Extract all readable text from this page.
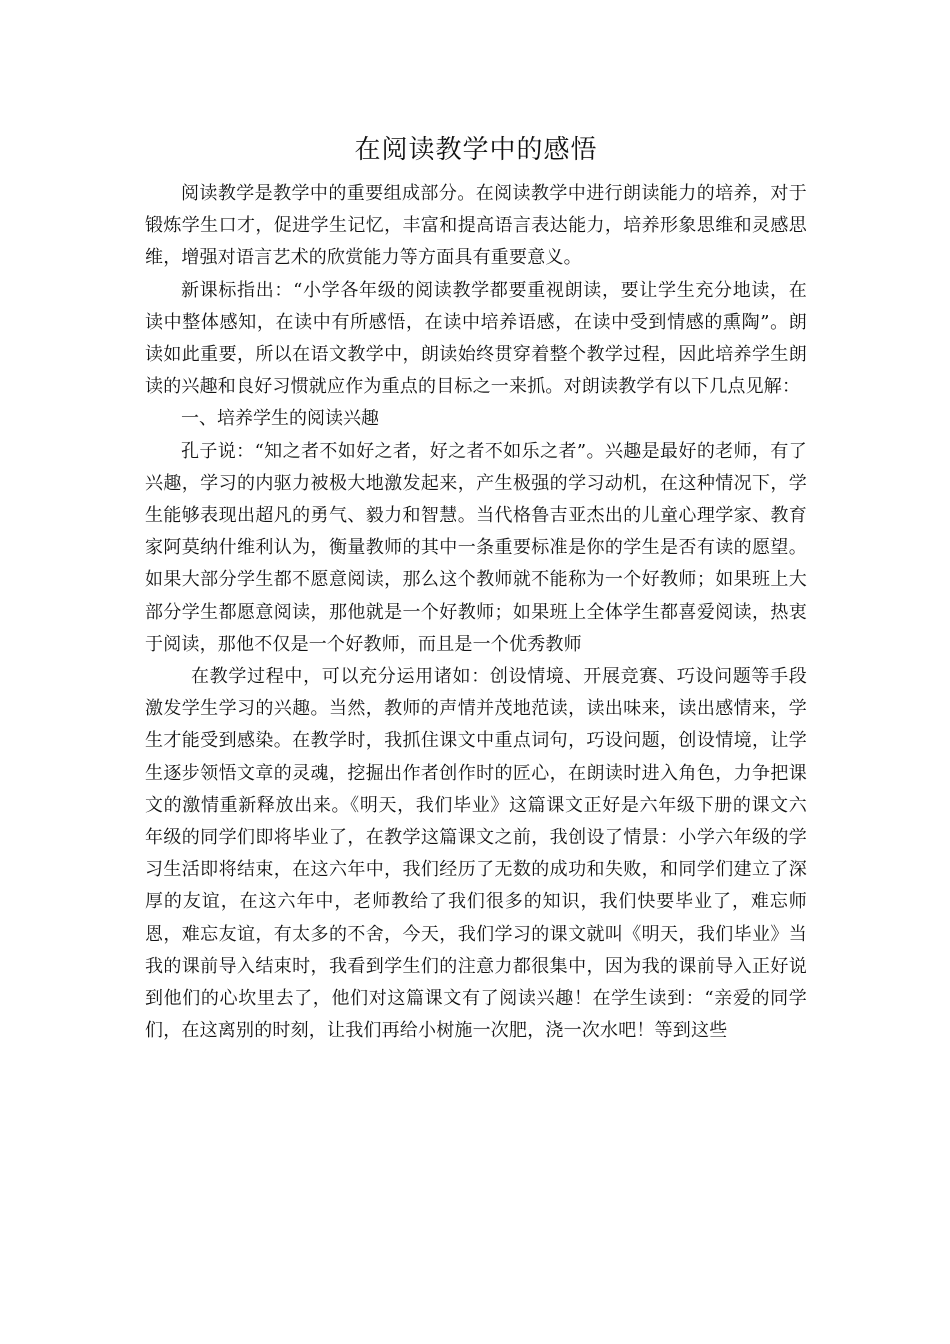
在阅读教学中的感悟

阅读教学是教学中的重要组成部分。在阅读教学中进行朗读能力的培养，对于锻炼学生口才，促进学生记忆，丰富和提高语言表达能力，培养形象思维和灵感思维，增强对语言艺术的欣赏能力等方面具有重要意义。

新课标指出：“小学各年级的阅读教学都要重视朗读，要让学生充分地读，在读中整体感知，在读中有所感悟，在读中培养语感，在读中受到情感的熏陶”。朗读如此重要，所以在语文教学中，朗读始终贯穿着整个教学过程，因此培养学生朗读的兴趣和良好习惯就应作为重点的目标之一来抓。对朗读教学有以下几点见解：

一、培养学生的阅读兴趣

孔子说：“知之者不如好之者，好之者不如乐之者”。兴趣是最好的老师，有了兴趣，学习的内驱力被极大地激发起来，产生极强的学习动机，在这种情况下，学生能够表现出超凡的勇气、毅力和智慧。当代格鲁吉亚杰出的儿童心理学家、教育家阿莫纳什维利认为，衡量教师的其中一条重要标准是你的学生是否有读的愿望。如果大部分学生都不愿意阅读，那么这个教师就不能称为一个好教师；如果班上大部分学生都愿意阅读，那他就是一个好教师；如果班上全体学生都喜爱阅读，热衷于阅读，那他不仅是一个好教师，而且是一个优秀教师

在教学过程中，可以充分运用诸如：创设情境、开展竞赛、巧设问题等手段激发学生学习的兴趣。当然，教师的声情并茂地范读，读出味来，读出感情来，学生才能受到感染。在教学时，我抓住课文中重点词句，巧设问题，创设情境，让学生逐步领悟文章的灵魂，挖掘出作者创作时的匠心，在朗读时进入角色，力争把课文的激情重新释放出来。《明天，我们毕业》这篇课文正好是六年级下册的课文六年级的同学们即将毕业了，在教学这篇课文之前，我创设了情景：小学六年级的学习生活即将结束，在这六年中，我们经历了无数的成功和失败，和同学们建立了深厚的友谊，在这六年中，老师教给了我们很多的知识，我们快要毕业了，难忘师恩，难忘友谊，有太多的不舍，今天，我们学习的课文就叫《明天，我们毕业》当我的课前导入结束时，我看到学生们的注意力都很集中，因为我的课前导入正好说到他们的心坎里去了，他们对这篇课文有了阅读兴趣！在学生读到：“亲爱的同学们，在这离别的时刻，让我们再给小树施一次肥，浇一次水吧！等到这些
